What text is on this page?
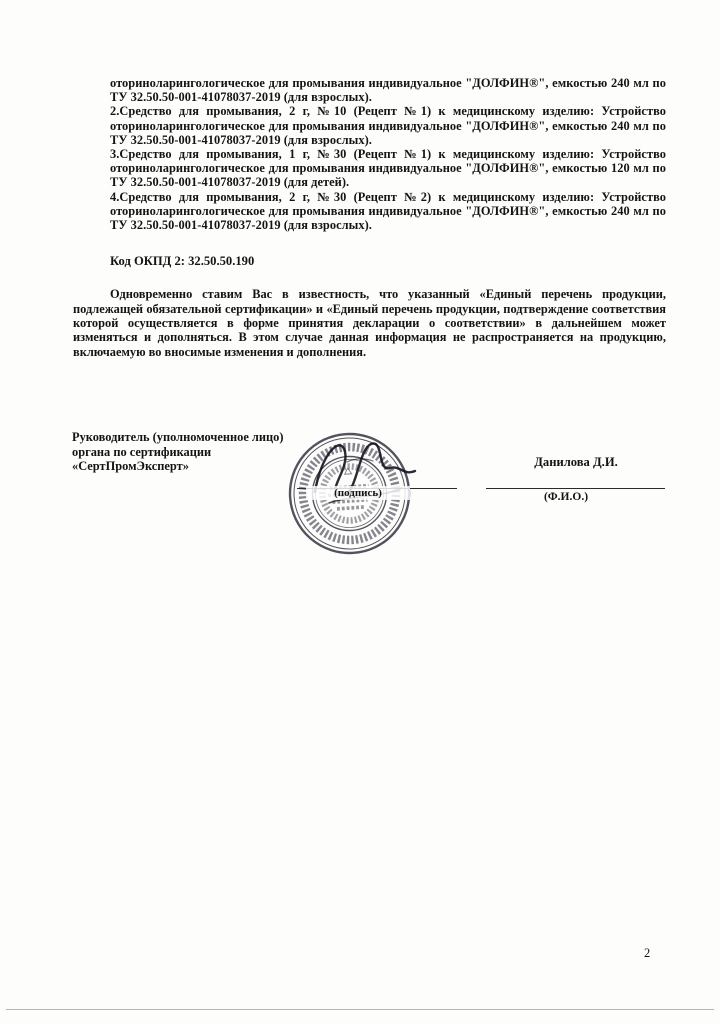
оториноларингологическое для промывания индивидуальное "ДОЛФИН®", емкостью 240 мл по ТУ 32.50.50-001-41078037-2019 (для взрослых).

2.Средство для промывания, 2 г, №10 (Рецепт №1) к медицинскому изделию: Устройство оториноларингологическое для промывания индивидуальное "ДОЛФИН®", емкостью 240 мл по ТУ 32.50.50-001-41078037-2019 (для взрослых).

3.Средство для промывания, 1 г, №30 (Рецепт №1) к медицинскому изделию: Устройство оториноларингологическое для промывания индивидуальное "ДОЛФИН®", емкостью 120 мл по ТУ 32.50.50-001-41078037-2019 (для детей).

4.Средство для промывания, 2 г, №30 (Рецепт №2) к медицинскому изделию: Устройство оториноларингологическое для промывания индивидуальное "ДОЛФИН®", емкостью 240 мл по ТУ 32.50.50-001-41078037-2019 (для взрослых).

Код ОКПД 2: 32.50.50.190

Одновременно ставим Вас в известность, что указанный «Единый перечень продукции, подлежащей обязательной сертификации» и «Единый перечень продукции, подтверждение соответствия которой осуществляется в форме принятия декларации о соответствии» в дальнейшем может изменяться и дополняться. В этом случае данная информация не распространяется на продукцию, включаемую во вносимые изменения и дополнения.

Руководитель (уполномоченное лицо)
органа по сертификации
«СертПромЭксперт»
(подпись)
Данилова Д.И.
(Ф.И.О.)
2
